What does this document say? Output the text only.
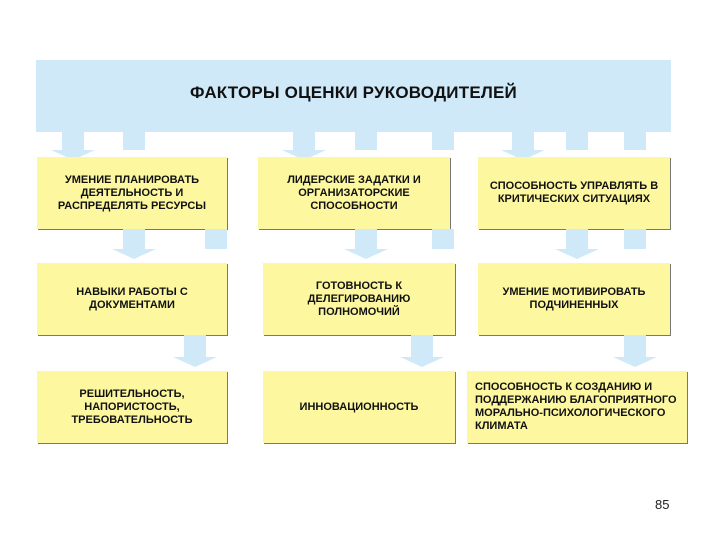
ФАКТОРЫ ОЦЕНКИ РУКОВОДИТЕЛЕЙ
УМЕНИЕ ПЛАНИРОВАТЬ ДЕЯТЕЛЬНОСТЬ И РАСПРЕДЕЛЯТЬ РЕСУРСЫ
ЛИДЕРСКИЕ ЗАДАТКИ И ОРГАНИЗАТОРСКИЕ СПОСОБНОСТИ
СПОСОБНОСТЬ УПРАВЛЯТЬ В КРИТИЧЕСКИХ СИТУАЦИЯХ
НАВЫКИ РАБОТЫ С ДОКУМЕНТАМИ
ГОТОВНОСТЬ К ДЕЛЕГИРОВАНИЮ ПОЛНОМОЧИЙ
УМЕНИЕ МОТИВИРОВАТЬ ПОДЧИНЕННЫХ
РЕШИТЕЛЬНОСТЬ, НАПОРИСТОСТЬ, ТРЕБОВАТЕЛЬНОСТЬ
ИННОВАЦИОННОСТЬ
СПОСОБНОСТЬ К СОЗДАНИЮ И ПОДДЕРЖАНИЮ БЛАГОПРИЯТНОГО МОРАЛЬНО-ПСИХОЛОГИЧЕСКОГО КЛИМАТА
85
